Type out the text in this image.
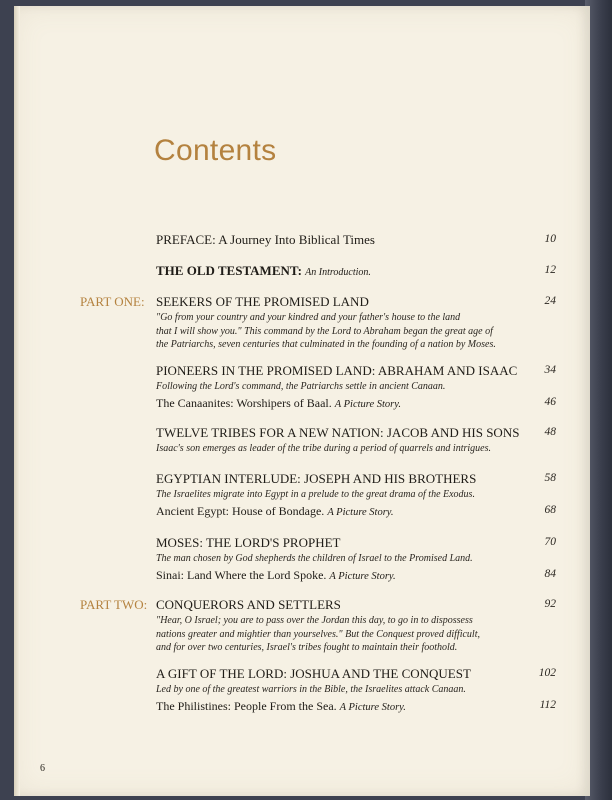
Contents
PREFACE: A Journey Into Biblical Times	10
THE OLD TESTAMENT: An Introduction.	12
PART ONE: SEEKERS OF THE PROMISED LAND	24
"Go from your country and your kindred and your father's house to the land
that I will show you." This command by the Lord to Abraham began the great age of
the Patriarchs, seven centuries that culminated in the founding of a nation by Moses.
PIONEERS IN THE PROMISED LAND: ABRAHAM AND ISAAC	34
Following the Lord's command, the Patriarchs settle in ancient Canaan.
The Canaanites: Worshipers of Baal. A Picture Story.	46
TWELVE TRIBES FOR A NEW NATION: JACOB AND HIS SONS	48
Isaac's son emerges as leader of the tribe during a period of quarrels and intrigues.
EGYPTIAN INTERLUDE: JOSEPH AND HIS BROTHERS	58
The Israelites migrate into Egypt in a prelude to the great drama of the Exodus.
Ancient Egypt: House of Bondage. A Picture Story.	68
MOSES: THE LORD'S PROPHET	70
The man chosen by God shepherds the children of Israel to the Promised Land.
Sinai: Land Where the Lord Spoke. A Picture Story.	84
PART TWO: CONQUERORS AND SETTLERS	92
"Hear, O Israel; you are to pass over the Jordan this day, to go in to dispossess
nations greater and mightier than yourselves." But the Conquest proved difficult,
and for over two centuries, Israel's tribes fought to maintain their foothold.
A GIFT OF THE LORD: JOSHUA AND THE CONQUEST	102
Led by one of the greatest warriors in the Bible, the Israelites attack Canaan.
The Philistines: People From the Sea. A Picture Story.	112
6
